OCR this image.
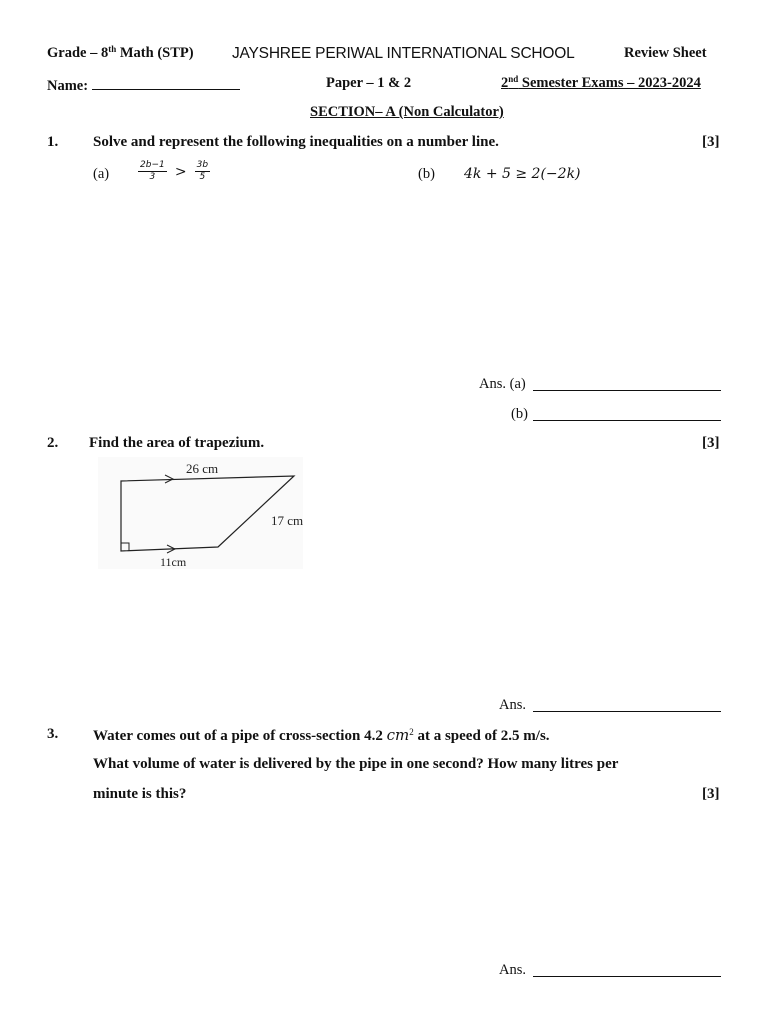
Grade – 8th Math (STP) JAYSHREE PERIWAL INTERNATIONAL SCHOOL	Review Sheet
Name:	Paper – 1 & 2	2nd Semester Exams – 2023-2024
SECTION– A (Non Calculator)
1. Solve and represent the following inequalities on a number line.	[3]
(a)	$\frac{2b-1}{3} > \frac{3b}{5}$	(b) 4k + 5 ≥ 2(−2k)
Ans. (a)
(b)
2. Find the area of trapezium.	[3]
26 cm
17 cm
11cm
Ans.
3. Water comes out of a pipe of cross-section 4.2 $cm^2$ at a speed of 2.5 m/s.
What volume of water is delivered by the pipe in one second? How many litres per
minute is this?	[3]
Ans.
